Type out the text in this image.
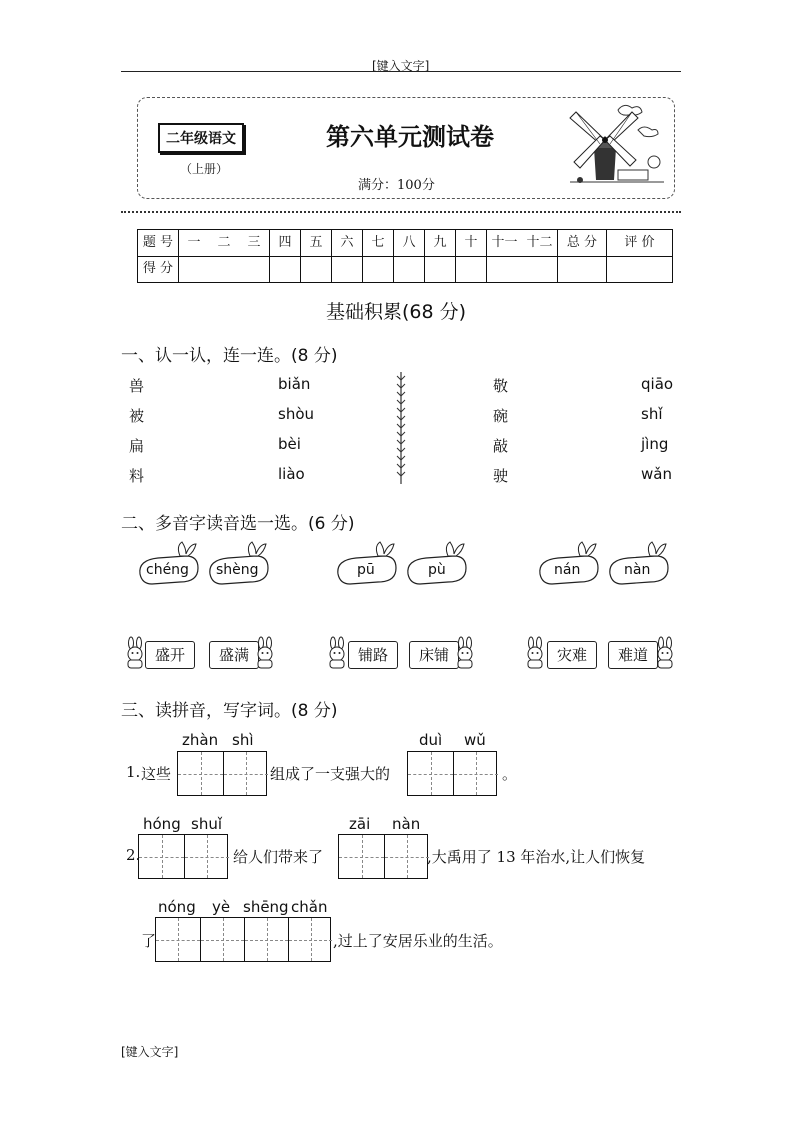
[键入文字]
二年级语文
（上册）
第六单元测试卷
满分：100分
题 号	一 二 三	四	五	六	七	八	九	十	十一 十二	总 分	评 价

得 分											

基础积累(68 分)
一、认一认，连一连。(8 分)
兽
被
扁
料
biǎn
shòu
bèi
liào
敬
碗
敲
驶
qiāo
shǐ
jìng
wǎn
二、多音字读音选一选。(6 分)
chéng shèng	pū	pù	nán	nàn
盛开	盛满	铺路	床铺	灾难	难道
三、读拼音，写字词。(8 分)
zhàn shì
1. 这些	组成了一支强大的
duì wǔ
。
hóng shuǐ
2.	给人们带来了
zāi nàn
,大禹用了 13 年治水,让人们恢复
nóng yè shēng chǎn
了	,过上了安居乐业的生活。
[键入文字]
